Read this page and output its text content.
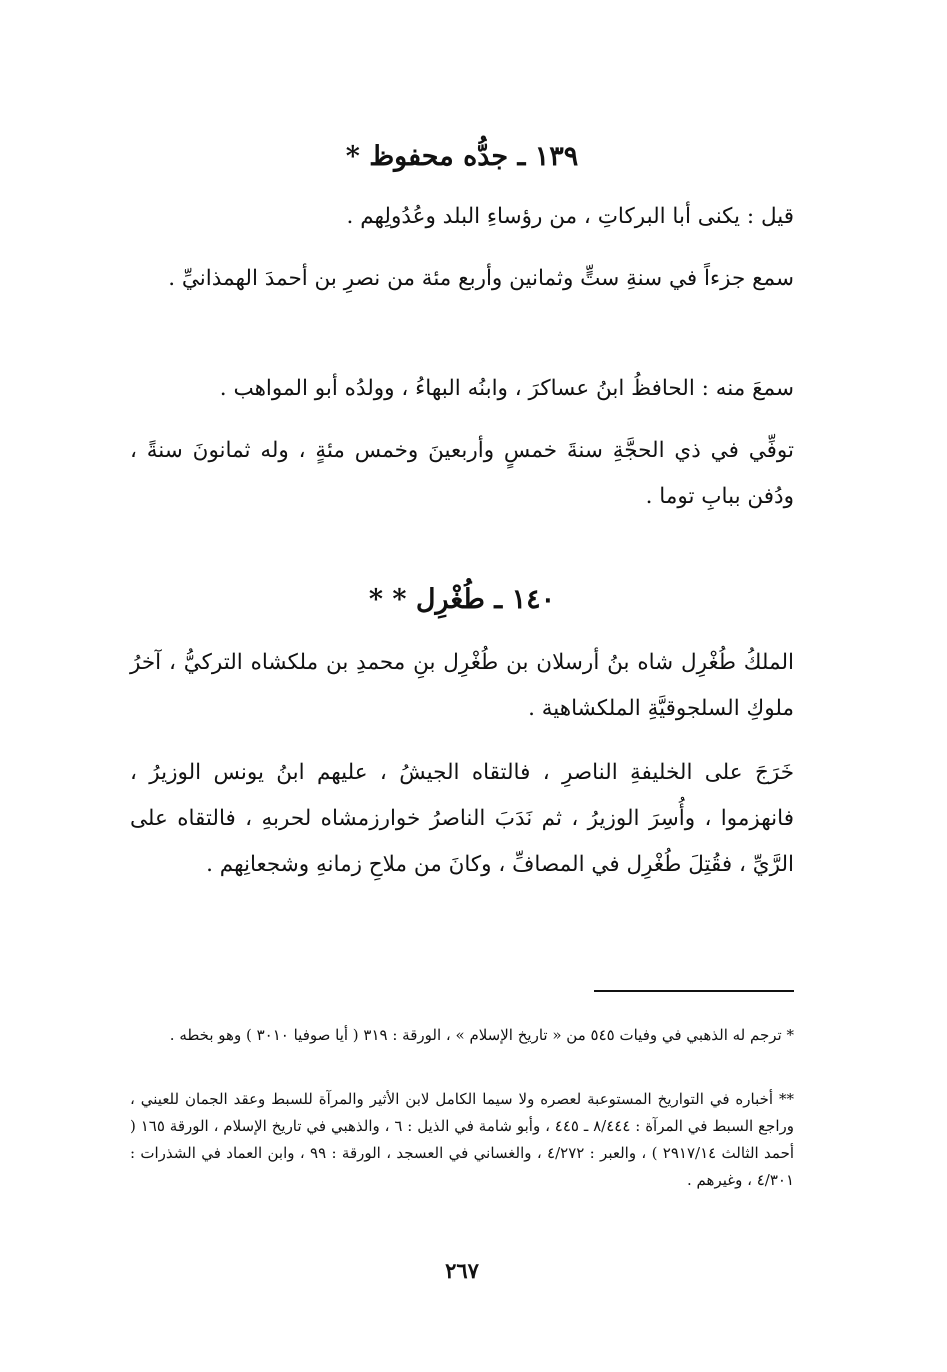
١٣٩ ـ جدُّه محفوظ *
قيل : يكنى أبا البركاتِ ، من رؤساءِ البلد وعُدُولِهم .
سمع جزءاً في سنةِ ستٍّ وثمانين وأربع مئة من نصرِ بن أحمدَ الهمذانيِّ .
سمعَ منه : الحافظُ ابنُ عساكرَ ، وابنُه البهاءُ ، وولدُه أبو المواهب .
توفِّي في ذي الحجَّةِ سنةَ خمسٍ وأربعينَ وخمس مئةٍ ، وله ثمانونَ سنةً ، ودُفن ببابِ توما .
١٤٠ ـ طُغْرِل * *
الملكُ طُغْرِل شاه بنُ أرسلان بن طُغْرِل بنِ محمدِ بن ملكشاه التركيُّ ، آخرُ ملوكِ السلجوقيَّةِ الملكشاهية .
خَرَجَ على الخليفةِ الناصرِ ، فالتقاه الجيشُ ، عليهم ابنُ يونس الوزيرُ ، فانهزموا ، وأُسِرَ الوزيرُ ، ثم نَدَبَ الناصرُ خوارزمشاه لحربهِ ، فالتقاه على الرَّيِّ ، فقُتِلَ طُغْرِل في المصافِّ ، وكانَ من ملاحِ زمانهِ وشجعانِهم .
* ترجم له الذهبي في وفيات ٥٤٥ من « تاريخ الإسلام » ، الورقة : ٣١٩ ( أيا صوفيا ٣٠١٠ ) وهو بخطه .
** أخباره في التواريخ المستوعبة لعصره ولا سيما الكامل لابن الأثير والمرآة للسبط وعقد الجمان للعيني ، وراجع السبط في المرآة : ٨/٤٤٤ ـ ٤٤٥ ، وأبو شامة في الذيل : ٦ ، والذهبي في تاريخ الإسلام ، الورقة ١٦٥ ( أحمد الثالث ٢٩١٧/١٤ ) ، والعبر : ٤/٢٧٢ ، والغساني في العسجد ، الورقة : ٩٩ ، وابن العماد في الشذرات : ٤/٣٠١ ، وغيرهم .
٢٦٧
